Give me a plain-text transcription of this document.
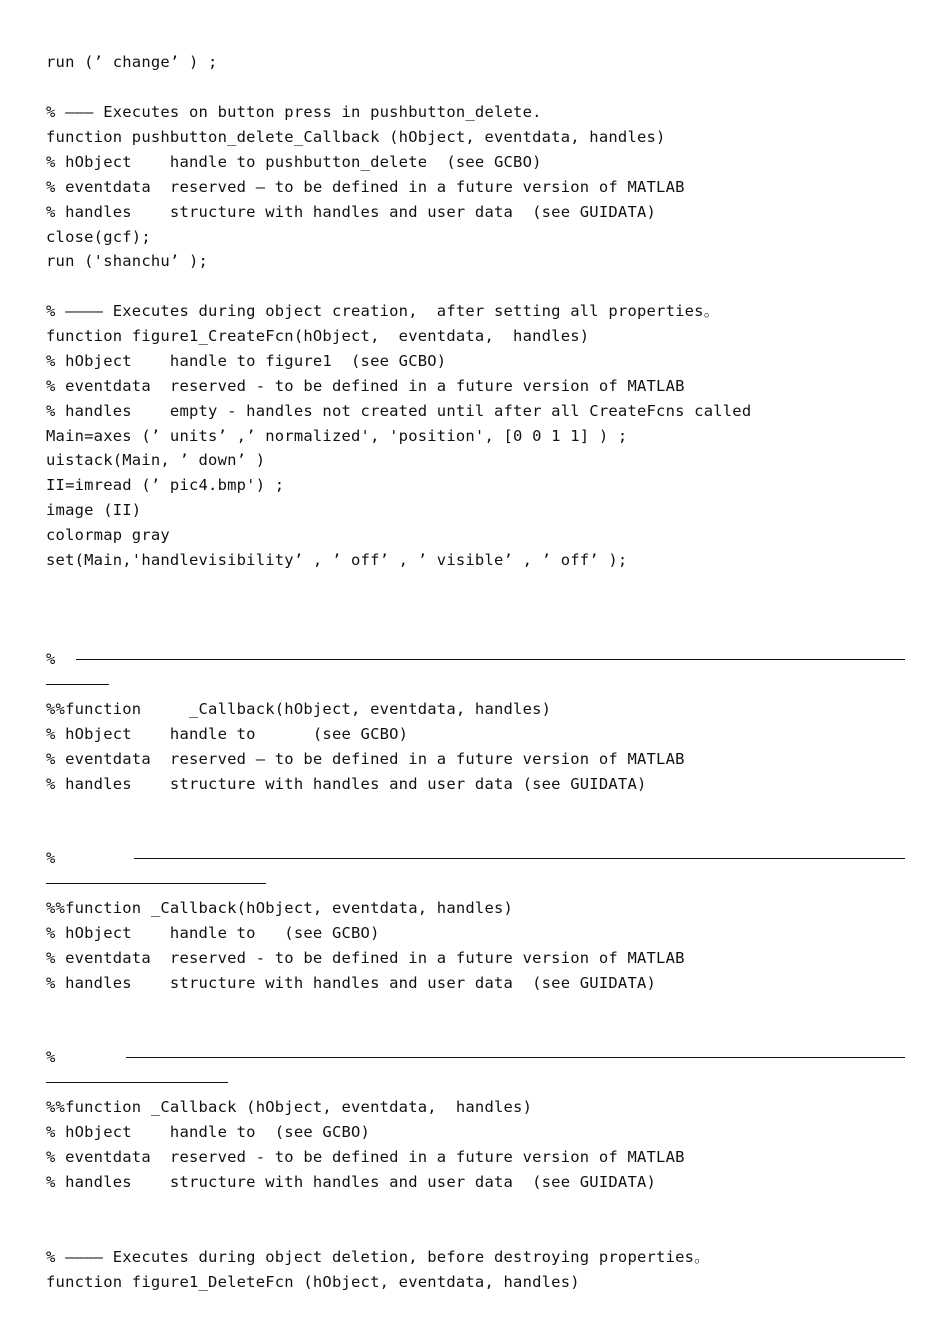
run (’ change’ ) ;
% ——— Executes on button press in pushbutton_delete.
function pushbutton_delete_Callback (hObject, eventdata, handles)
% hObject    handle to pushbutton_delete  (see GCBO)
% eventdata  reserved — to be defined in a future version of MATLAB
% handles    structure with handles and user data  (see GUIDATA)
close(gcf);
run ('shanchu’ );
% ———— Executes during object creation,  after setting all properties。
function figure1_CreateFcn(hObject,  eventdata,  handles)
% hObject    handle to figure1  (see GCBO)
% eventdata  reserved - to be defined in a future version of MATLAB
% handles    empty - handles not created until after all CreateFcns called
Main=axes (’ units’ ,’ normalized', 'position', [0 0 1 1] ) ;
uistack(Main, ’ down’ )
II=imread (’ pic4.bmp') ;
image (II)
colormap gray
set(Main,'handlevisibility’ , ’ off’ , ’ visible’ , ’ off’ );
%
%%function     _Callback(hObject, eventdata, handles)
% hObject    handle to      (see GCBO)
% eventdata  reserved — to be defined in a future version of MATLAB
% handles    structure with handles and user data (see GUIDATA)
%
%%function _Callback(hObject, eventdata, handles)
% hObject    handle to   (see GCBO)
% eventdata  reserved - to be defined in a future version of MATLAB
% handles    structure with handles and user data  (see GUIDATA)
%
%%function _Callback (hObject, eventdata,  handles)
% hObject    handle to  (see GCBO)
% eventdata  reserved - to be defined in a future version of MATLAB
% handles    structure with handles and user data  (see GUIDATA)
% ———— Executes during object deletion, before destroying properties。
function figure1_DeleteFcn (hObject, eventdata, handles)
